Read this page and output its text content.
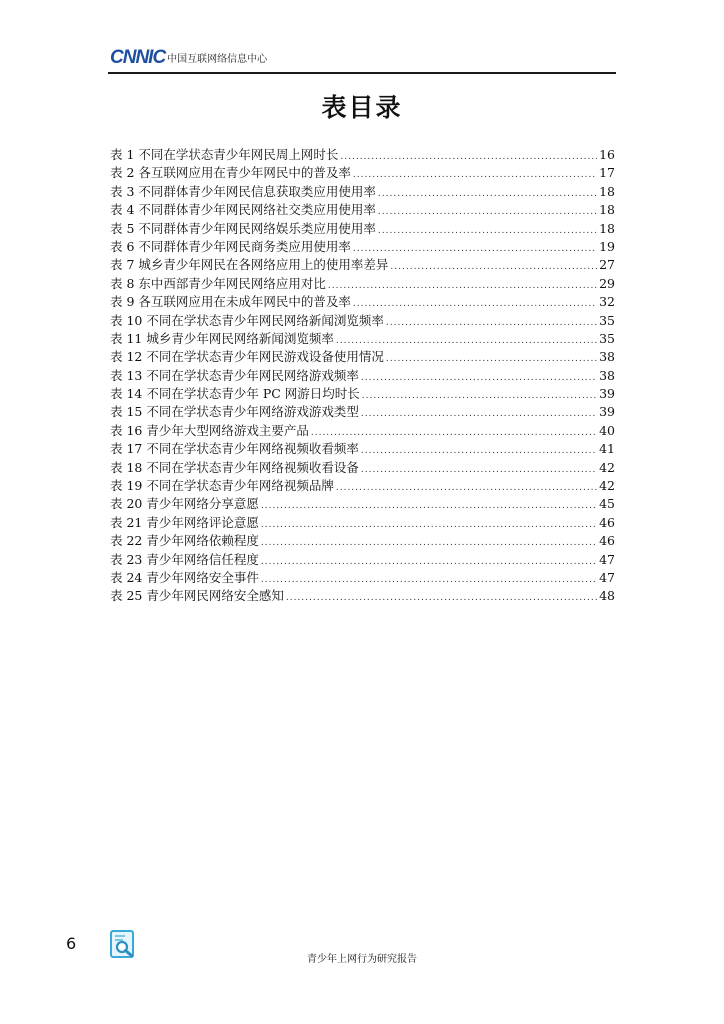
CNNIC 中国互联网络信息中心
表目录
表 1 不同在学状态青少年网民周上网时长 .....	16
表 2 各互联网应用在青少年网民中的普及率 .....	17
表 3 不同群体青少年网民信息获取类应用使用率 .....	18
表 4 不同群体青少年网民网络社交类应用使用率 .....	18
表 5 不同群体青少年网民网络娱乐类应用使用率 .....	18
表 6 不同群体青少年网民商务类应用使用率 .....	19
表 7 城乡青少年网民在各网络应用上的使用率差异 .....	27
表 8 东中西部青少年网民网络应用对比 .....	29
表 9 各互联网应用在未成年网民中的普及率 .....	32
表 10 不同在学状态青少年网民网络新闻浏览频率 .....	35
表 11 城乡青少年网民网络新闻浏览频率 .....	35
表 12 不同在学状态青少年网民游戏设备使用情况 .....	38
表 13 不同在学状态青少年网民网络游戏频率 .....	38
表 14 不同在学状态青少年 PC 网游日均时长 .....	39
表 15 不同在学状态青少年网络游戏游戏类型 .....	39
表 16 青少年大型网络游戏主要产品 .....	40
表 17 不同在学状态青少年网络视频收看频率 .....	41
表 18 不同在学状态青少年网络视频收看设备 .....	42
表 19 不同在学状态青少年网络视频品牌 .....	42
表 20 青少年网络分享意愿 .....	45
表 21 青少年网络评论意愿 .....	46
表 22 青少年网络依赖程度 .....	46
表 23 青少年网络信任程度 .....	47
表 24 青少年网络安全事件 .....	47
表 25 青少年网民网络安全感知 .....	48
6
青少年上网行为研究报告
